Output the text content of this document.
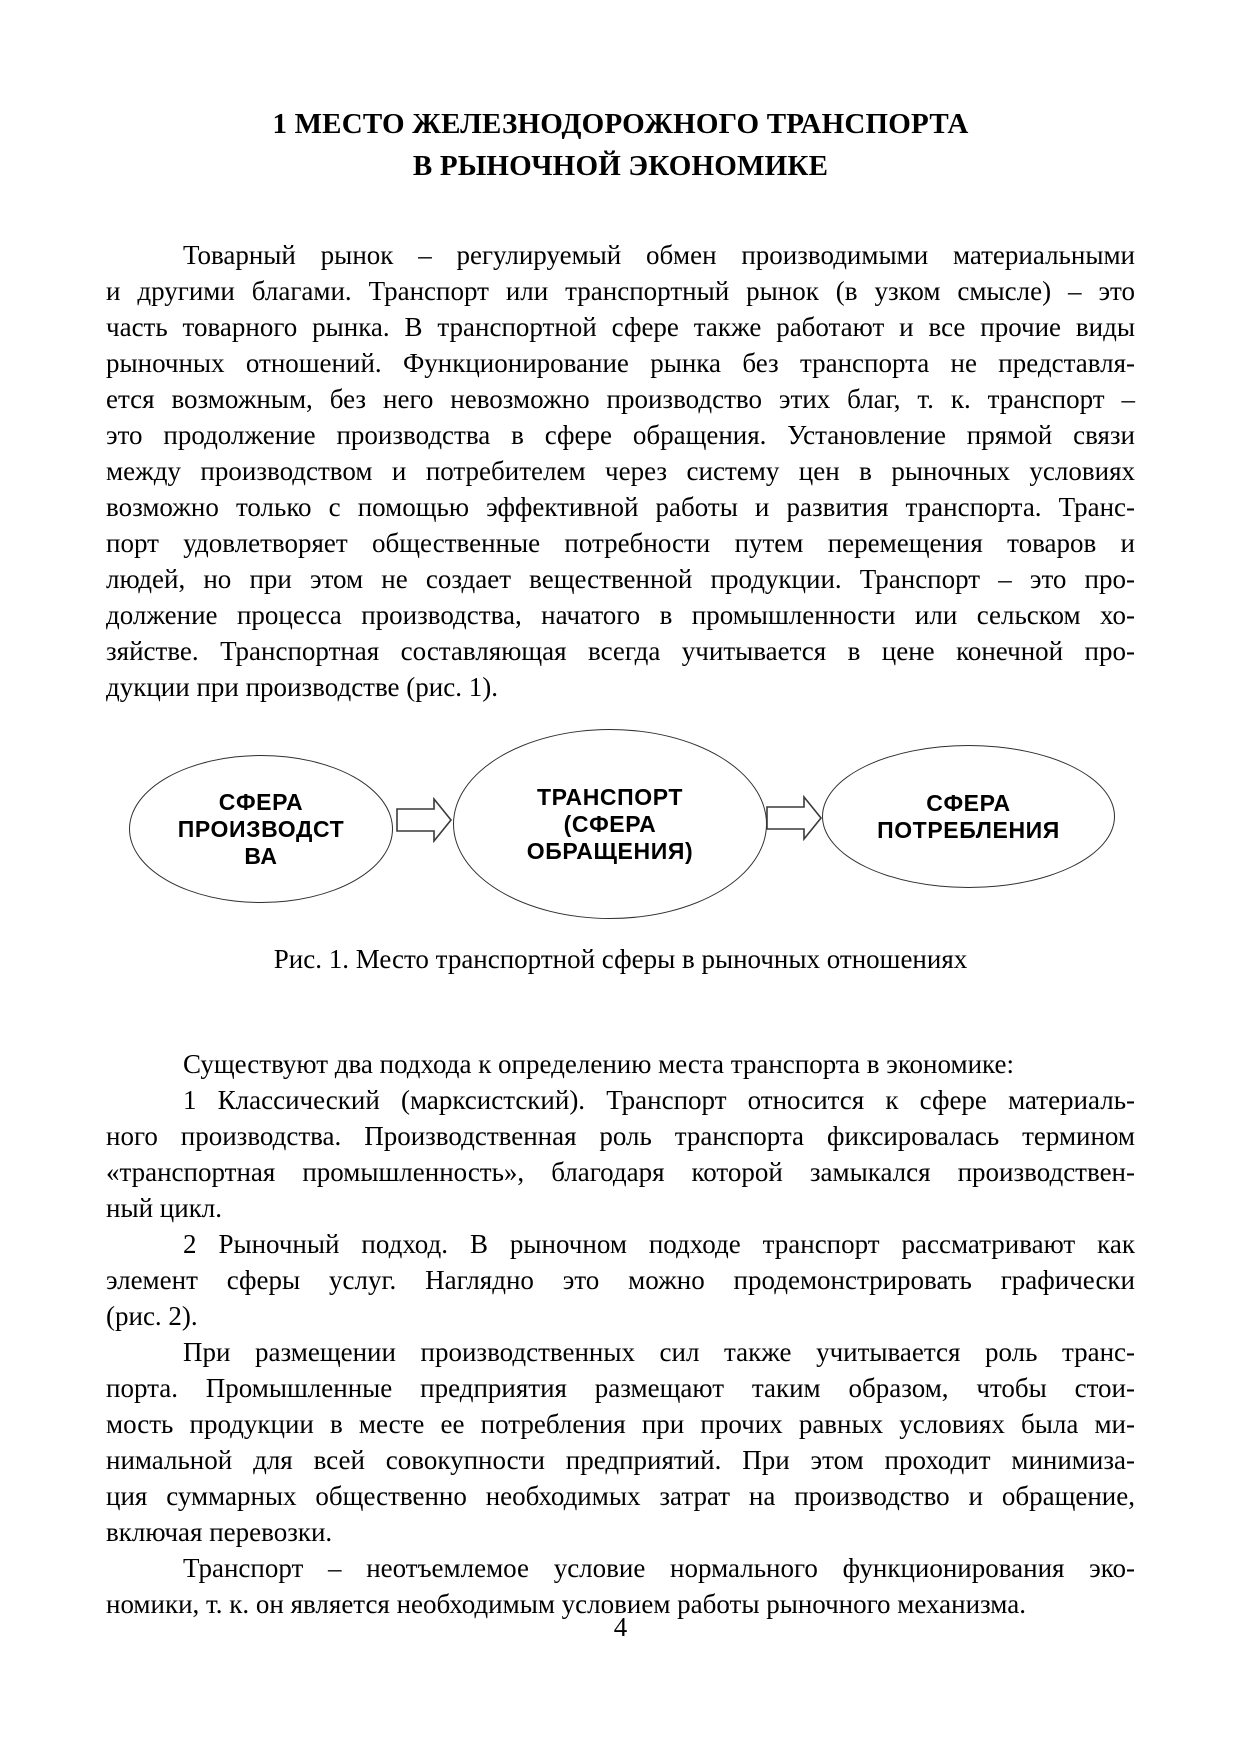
1 МЕСТО ЖЕЛЕЗНОДОРОЖНОГО ТРАНСПОРТА
В РЫНОЧНОЙ ЭКОНОМИКЕ
Товарный рынок – регулируемый обмен производимыми материальными
и другими благами. Транспорт или транспортный рынок (в узком смысле) – это
часть товарного рынка. В транспортной сфере также работают и все прочие виды
рыночных отношений. Функционирование рынка без транспорта не представля-
ется возможным, без него невозможно производство этих благ, т. к. транспорт –
это продолжение производства в сфере обращения. Установление прямой связи
между производством и потребителем через систему цен в рыночных условиях
возможно только с помощью эффективной работы и развития транспорта. Транс-
порт удовлетворяет общественные потребности путем перемещения товаров и
людей, но при этом не создает вещественной продукции. Транспорт – это про-
должение процесса производства, начатого в промышленности или сельском хо-
зяйстве. Транспортная составляющая всегда учитывается в цене конечной про-
дукции при производстве (рис. 1).
СФЕРА
ПРОИЗВОДСТ
ВА
ТРАНСПОРТ
(СФЕРА
ОБРАЩЕНИЯ)
СФЕРА
ПОТРЕБЛЕНИЯ
Рис. 1. Место транспортной сферы в рыночных отношениях
Существуют два подхода к определению места транспорта в экономике:
1 Классический (марксистский). Транспорт относится к сфере материаль-
ного производства. Производственная роль транспорта фиксировалась термином
«транспортная промышленность», благодаря которой замыкался производствен-
ный цикл.
2 Рыночный подход. В рыночном подходе транспорт рассматривают как
элемент сферы услуг. Наглядно это можно продемонстрировать графически
(рис. 2).
При размещении производственных сил также учитывается роль транс-
порта. Промышленные предприятия размещают таким образом, чтобы стои-
мость продукции в месте ее потребления при прочих равных условиях была ми-
нимальной для всей совокупности предприятий. При этом проходит минимиза-
ция суммарных общественно необходимых затрат на производство и обращение,
включая перевозки.
Транспорт – неотъемлемое условие нормального функционирования эко-
номики, т. к. он является необходимым условием работы рыночного механизма.
4
